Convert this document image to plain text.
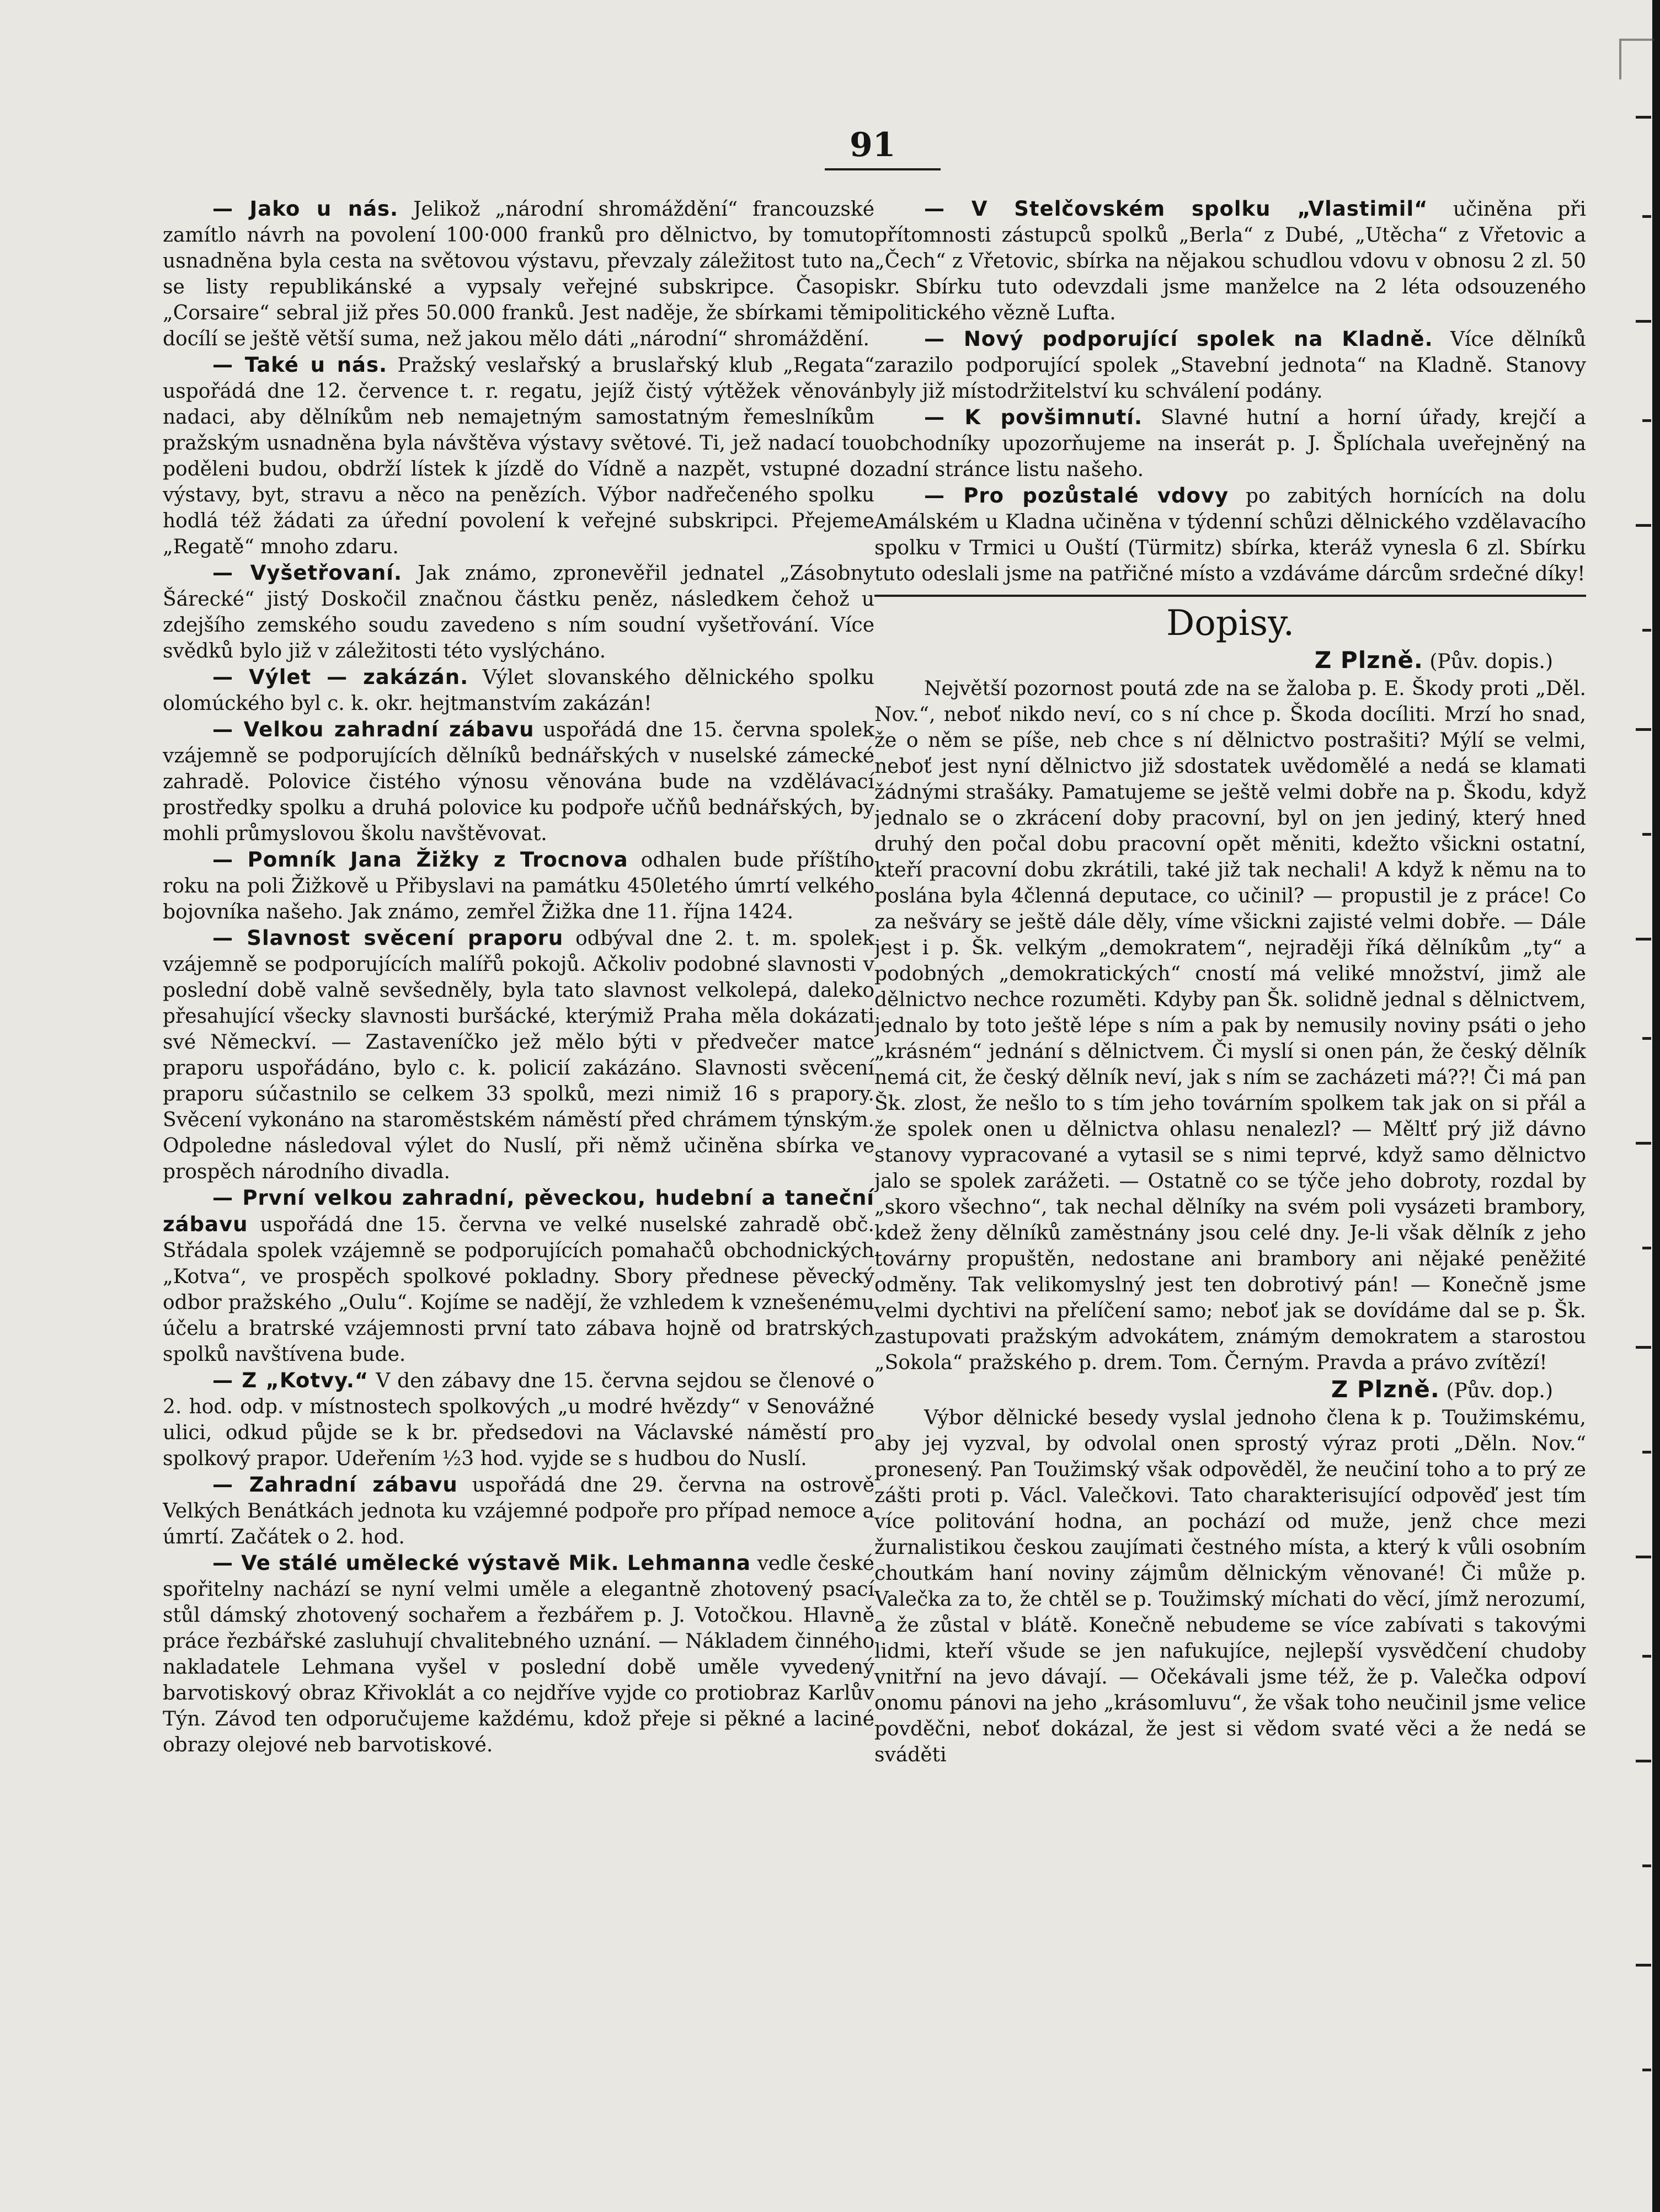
91

— Jako u nás. Jelikož „národní shromáždění“ francouzské zamítlo návrh na povolení 100·000 franků pro dělnictvo, by tomuto usnadněna byla cesta na světovou výstavu, převzaly záležitost tuto na se listy republikánské a vypsaly veřejné subskripce. Časopis „Corsaire“ sebral již přes 50.000 franků. Jest naděje, že sbírkami těmi docílí se ještě větší suma, než jakou mělo dáti „národní“ shromáždění.

— Také u nás. Pražský veslařský a bruslařský klub „Regata“ uspořádá dne 12. července t. r. regatu, jejíž čistý výtěžek věnován nadaci, aby dělníkům neb nemajetným samostatným řemeslníkům pražským usnadněna byla návštěva výstavy světové. Ti, jež nadací tou poděleni budou, obdrží lístek k jízdě do Vídně a nazpět, vstupné do výstavy, byt, stravu a něco na penězích. Výbor nadřečeného spolku hodlá též žádati za úřední povolení k veřejné subskripci. Přejeme „Regatě“ mnoho zdaru.

— Vyšetřovaní. Jak známo, zpronevěřil jednatel „Zásobny Šárecké“ jistý Doskočil značnou částku peněz, následkem čehož u zdejšího zemského soudu zavedeno s ním soudní vyšetřování. Více svědků bylo již v záležitosti této vyslýcháno.

— Výlet — zakázán. Výlet slovanského dělnického spolku olomúckého byl c. k. okr. hejtmanstvím zakázán!

— Velkou zahradní zábavu uspořádá dne 15. června spolek vzájemně se podporujících dělníků bednářských v nuselské zámecké zahradě. Polovice čistého výnosu věnována bude na vzdělávací prostředky spolku a druhá polovice ku podpoře učňů bednářských, by mohli průmyslovou školu navštěvovat.

— Pomník Jana Žižky z Trocnova odhalen bude příštího roku na poli Žižkově u Přibyslavi na památku 450letého úmrtí velkého bojovníka našeho. Jak známo, zemřel Žižka dne 11. října 1424.

— Slavnost svěcení praporu odbýval dne 2. t. m. spolek vzájemně se podporujících malířů pokojů. Ačkoliv podobné slavnosti v poslední době valně sevšedněly, byla tato slavnost velkolepá, daleko přesahující všecky slavnosti buršácké, kterýmiž Praha měla dokázati své Německví. — Zastaveníčko jež mělo býti v předvečer matce praporu uspořádáno, bylo c. k. policií zakázáno. Slavnosti svěcení praporu súčastnilo se celkem 33 spolků, mezi nimiž 16 s prapory. Svěcení vykonáno na staroměstském náměstí před chrámem týnským. Odpoledne následoval výlet do Nuslí, při němž učiněna sbírka ve prospěch národního divadla.

— První velkou zahradní, pěveckou, hudební a taneční zábavu uspořádá dne 15. června ve velké nuselské zahradě obč. Střádala spolek vzájemně se podporujících pomahačů obchodnických „Kotva“, ve prospěch spolkové pokladny. Sbory přednese pěvecký odbor pražského „Oulu“. Kojíme se nadějí, že vzhledem k vznešenému účelu a bratrské vzájemnosti první tato zábava hojně od bratrských spolků navštívena bude.

— Z „Kotvy.“ V den zábavy dne 15. června sejdou se členové o 2. hod. odp. v místnostech spolkových „u modré hvězdy“ v Senovážné ulici, odkud půjde se k br. předsedovi na Václavské náměstí pro spolkový prapor. Udeřením ½3 hod. vyjde se s hudbou do Nuslí.

— Zahradní zábavu uspořádá dne 29. června na ostrově Velkých Benátkách jednota ku vzájemné podpoře pro případ nemoce a úmrtí. Začátek o 2. hod.

— Ve stálé umělecké výstavě Mik. Lehmanna vedle české spořitelny nachází se nyní velmi uměle a elegantně zhotovený psací stůl dámský zhotovený sochařem a řezbářem p. J. Votočkou. Hlavně práce řezbářské zasluhují chvalitebného uznání. — Nákladem činného nakladatele Lehmana vyšel v poslední době uměle vyvedený barvotiskový obraz Křivoklát a co nejdříve vyjde co protiobraz Karlův Týn. Závod ten odporučujeme každému, kdož přeje si pěkné a laciné obrazy olejové neb barvotiskové.

— V Stelčovském spolku „Vlastimil“ učiněna při přítomnosti zástupců spolků „Berla“ z Dubé, „Utěcha“ z Vřetovic a „Čech“ z Vřetovic, sbírka na nějakou schudlou vdovu v obnosu 2 zl. 50 kr. Sbírku tuto odevzdali jsme manželce na 2 léta odsouzeného politického vězně Lufta.

— Nový podporující spolek na Kladně. Více dělníků zarazilo podporující spolek „Stavební jednota“ na Kladně. Stanovy byly již místodržitelství ku schválení podány.

— K povšimnutí. Slavné hutní a horní úřady, krejčí a obchodníky upozorňujeme na inserát p. J. Šplíchala uveřejněný na zadní stránce listu našeho.

— Pro pozůstalé vdovy po zabitých hornících na dolu Amálském u Kladna učiněna v týdenní schůzi dělnického vzdělavacího spolku v Trmici u Ouští (Türmitz) sbírka, kteráž vynesla 6 zl. Sbírku tuto odeslali jsme na patřičné místo a vzdáváme dárcům srdečné díky!

Dopisy.
Z Plzně. (Pův. dopis.)

Největší pozornost poutá zde na se žaloba p. E. Škody proti „Děl. Nov.“, neboť nikdo neví, co s ní chce p. Škoda docíliti. Mrzí ho snad, že o něm se píše, neb chce s ní dělnictvo postrašiti? Mýlí se velmi, neboť jest nyní dělnictvo již sdostatek uvědomělé a nedá se klamati žádnými strašáky. Pamatujeme se ještě velmi dobře na p. Škodu, když jednalo se o zkrácení doby pracovní, byl on jen jediný, který hned druhý den počal dobu pracovní opět měniti, kdežto všickni ostatní, kteří pracovní dobu zkrátili, také již tak nechali! A když k němu na to poslána byla 4členná deputace, co učinil? — propustil je z práce! Co za nešváry se ještě dále děly, víme všickni zajisté velmi dobře. — Dále jest i p. Šk. velkým „demokratem“, nejraději říká dělníkům „ty“ a podobných „demokratických“ cností má veliké množství, jimž ale dělnictvo nechce rozuměti. Kdyby pan Šk. solidně jednal s dělnictvem, jednalo by toto ještě lépe s ním a pak by nemusily noviny psáti o jeho „krásném“ jednání s dělnictvem. Či myslí si onen pán, že český dělník nemá cit, že český dělník neví, jak s ním se zacházeti má??! Či má pan Šk. zlost, že nešlo to s tím jeho továrním spolkem tak jak on si přál a že spolek onen u dělnictva ohlasu nenalezl? — Měltť prý již dávno stanovy vypracované a vytasil se s nimi teprvé, když samo dělnictvo jalo se spolek zarážeti. — Ostatně co se týče jeho dobroty, rozdal by „skoro všechno“, tak nechal dělníky na svém poli vysázeti brambory, kdež ženy dělníků zaměstnány jsou celé dny. Je-li však dělník z jeho továrny propuštěn, nedostane ani brambory ani nějaké peněžité odměny. Tak velikomyslný jest ten dobrotivý pán! — Konečně jsme velmi dychtivi na přelíčení samo; neboť jak se dovídáme dal se p. Šk. zastupovati pražským advokátem, známým demokratem a starostou „Sokola“ pražského p. drem. Tom. Černým. Pravda a právo zvítězí!

Z Plzně. (Pův. dop.)

Výbor dělnické besedy vyslal jednoho člena k p. Toužimskému, aby jej vyzval, by odvolal onen sprostý výraz proti „Děln. Nov.“ pronesený. Pan Toužimský však odpověděl, že neučiní toho a to prý ze zášti proti p. Václ. Valečkovi. Tato charakterisující odpověď jest tím více politování hodna, an pochází od muže, jenž chce mezi žurnalistikou českou zaujímati čestného místa, a který k vůli osobním choutkám haní noviny zájmům dělnickým věnované! Či může p. Valečka za to, že chtěl se p. Toužimský míchati do věcí, jímž nerozumí, a že zůstal v blátě. Konečně nebudeme se více zabívati s takovými lidmi, kteří všude se jen nafukujíce, nejlepší vysvědčení chudoby vnitřní na jevo dávají. — Očekávali jsme též, že p. Valečka odpoví onomu pánovi na jeho „krásomluvu“, že však toho neučinil jsme velice povděčni, neboť dokázal, že jest si vědom svaté věci a že nedá se sváděti
